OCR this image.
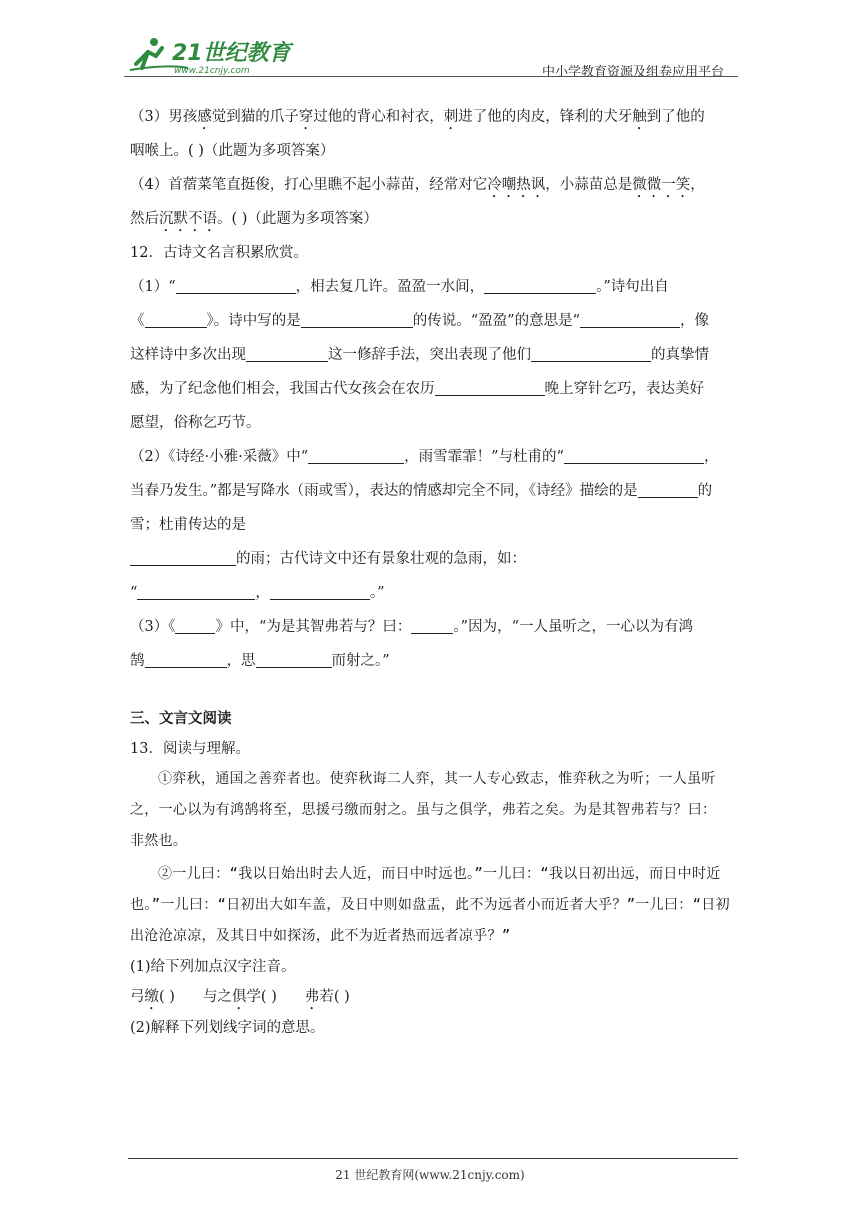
21世纪教育
www.21cnjy.com	中小学教育资源及组卷应用平台

（3）男孩感觉到猫的爪子穿过他的背心和衬衣，刺进了他的肉皮，锋利的犬牙触到了他的

咽喉上。( )（此题为多项答案）

（4）首蓿菜笔直挺俊，打心里瞧不起小蒜苗，经常对它冷嘲热讽，小蒜苗总是微微一笑，

然后沉默不语。( )（此题为多项答案）

12．古诗文名言积累欣赏。

（1）“	，相去复几许。盈盈一水间，	。”诗句出自
《	》。诗中写的是	的传说。“盈盈”的意思是“	，像
这样诗中多次出现	这一修辞手法，突出表现了他们	的真挚情
感，为了纪念他们相会，我国古代女孩会在农历	晚上穿针乞巧，表达美好
愿望，俗称乞巧节。

（2）《诗经·小雅·采薇》中“	，雨雪霏霏！”与杜甫的“	，
当春乃发生。”都是写降水（雨或雪），表达的情感却完全不同，《诗经》描绘的是	的
雪；杜甫传达的是
的雨；古代诗文中还有景象壮观的急雨，如：
“	，	。”

（3）《	》中，“为是其智弗若与？曰：	。”因为，“一人虽听之，一心以为有鸿
鹄	，思	而射之。”

三、文言文阅读

13．阅读与理解。

①弈秋，通国之善弈者也。使弈秋诲二人弈，其一人专心致志，惟弈秋之为听；一人虽听之，一心以为有鸿鹄将至，思援弓缴而射之。虽与之俱学，弗若之矣。为是其智弗若与？曰：非然也。

②一儿曰：“我以日始出时去人近，而日中时远也。”一儿曰：“我以日初出远，而日中时近也。”一儿曰：“日初出大如车盖，及日中则如盘盂，此不为远者小而近者大乎？”一儿曰：“日初出沧沧凉凉，及其日中如探汤，此不为近者热而远者凉乎？”

(1)给下列加点汉字注音。

弓缴( ) 与之俱学( ) 弗若( )

(2)解释下列划线字词的意思。

21 世纪教育网(www.21cnjy.com)
